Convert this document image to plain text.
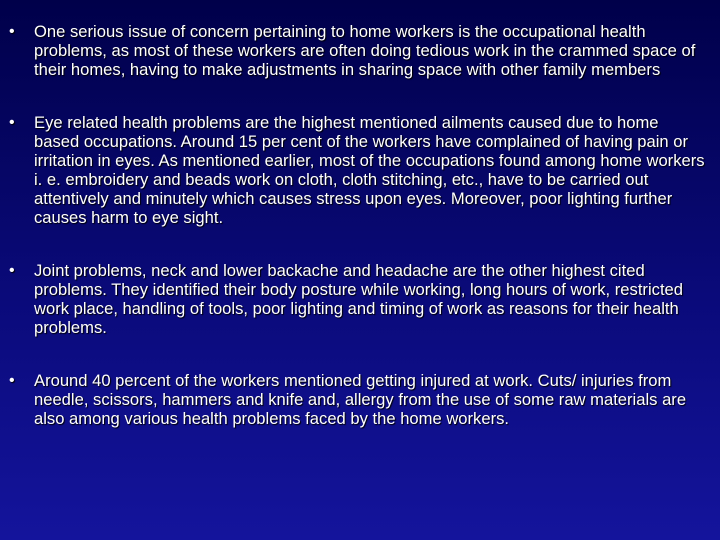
• One serious issue of concern pertaining to home workers is the occupational health problems, as most of these workers are often doing tedious work in the crammed space of their homes, having to make adjustments in sharing space with other family members
• Eye related health problems are the highest mentioned ailments caused due to home based occupations. Around 15 per cent of the workers have complained of having pain or irritation in eyes. As mentioned earlier, most of the occupations found among home workers i. e. embroidery and beads work on cloth, cloth stitching, etc., have to be carried out attentively and minutely which causes stress upon eyes. Moreover, poor lighting further causes harm to eye sight.
• Joint problems, neck and lower backache and headache are the other highest cited problems. They identified their body posture while working, long hours of work, restricted work place, handling of tools, poor lighting and timing of work as reasons for their health problems.
• Around 40 percent of the workers mentioned getting injured at work. Cuts/ injuries from needle, scissors, hammers and knife and, allergy from the use of some raw materials are also among various health problems faced by the home workers.
